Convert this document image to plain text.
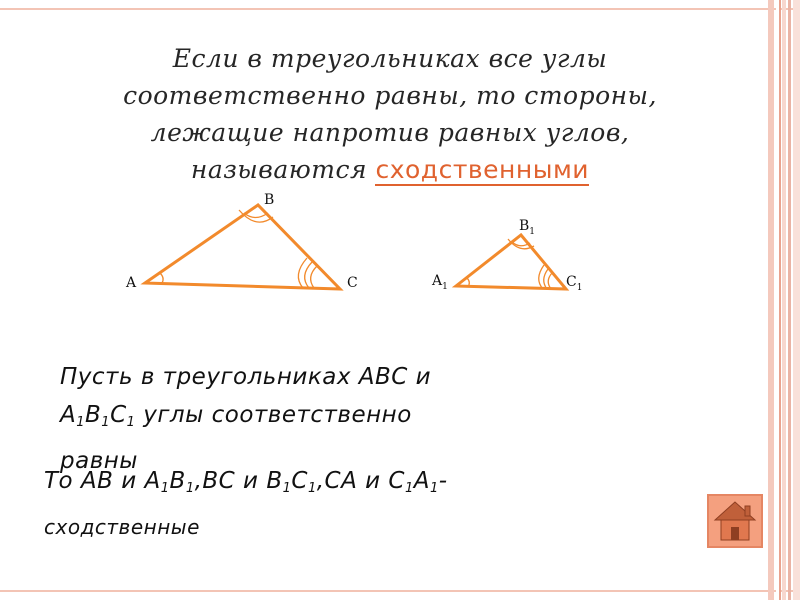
Если в треугольниках все углы
соответственно равны, то стороны,
лежащие напротив равных углов,
называются сходственными
A
B
C	$A_1$
$B_1$
$C_1$
Пусть в треугольниках ABC и
$A_1B_1C_1$ углы соответственно
равны
То AB и $A_1B_1,BC$ и $B_1C_1,CA$ и $C_1A_1-$
сходственные
